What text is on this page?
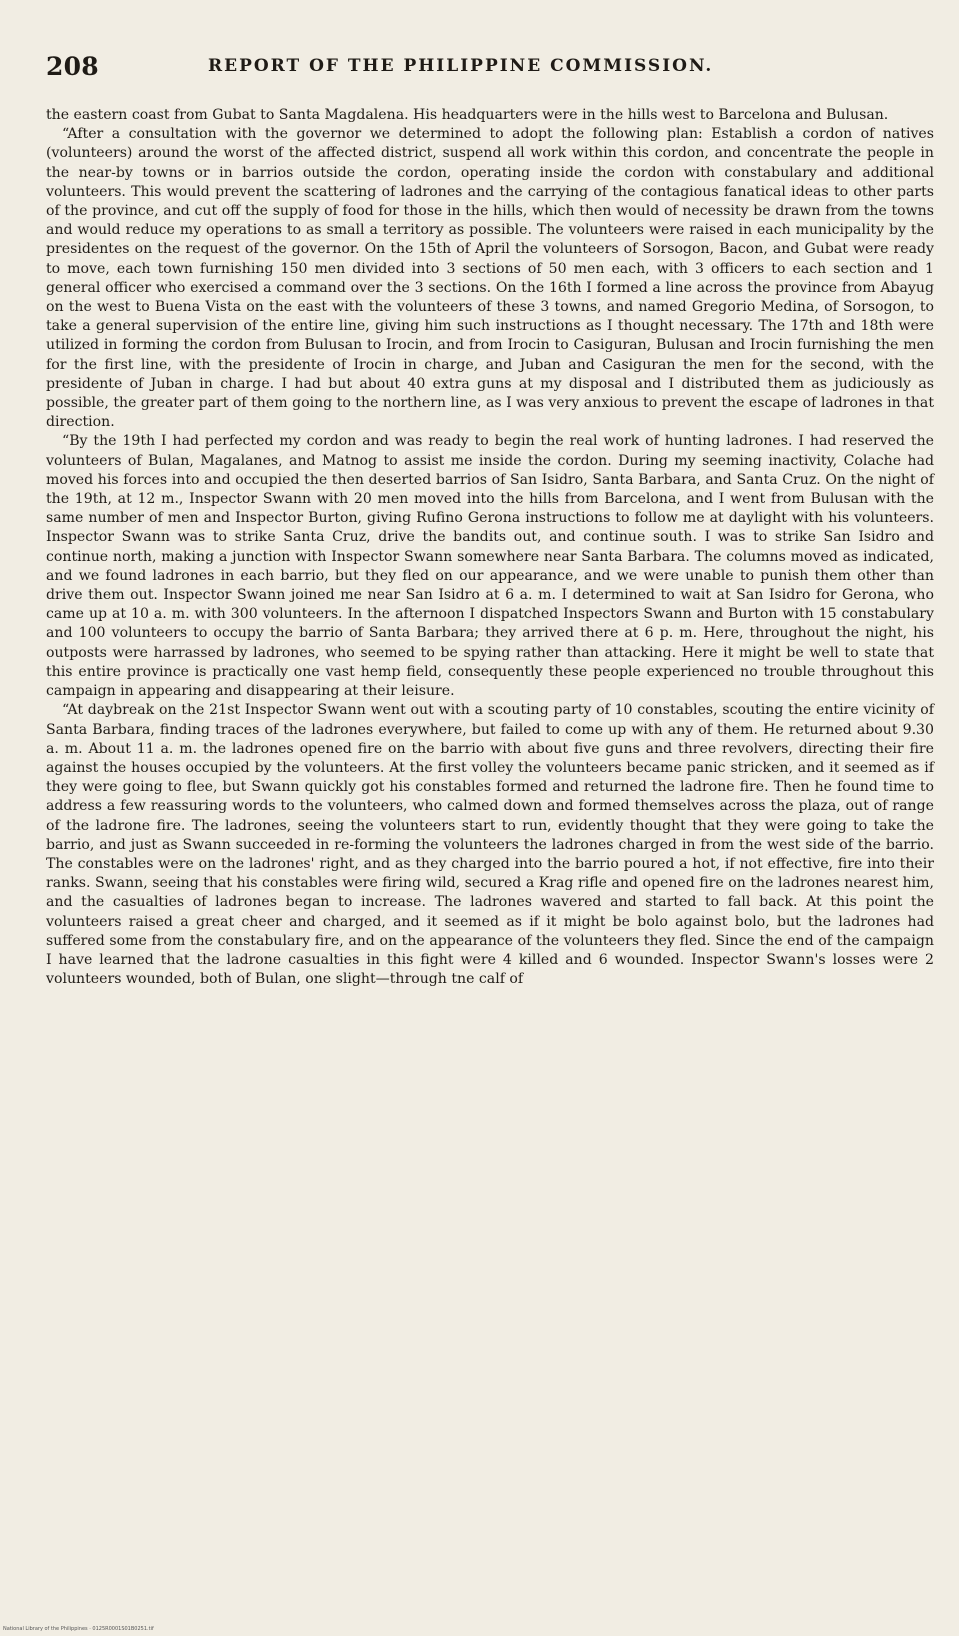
208	REPORT OF THE PHILIPPINE COMMISSION.

the eastern coast from Gubat to Santa Magdalena. His headquarters were in the hills west to Barcelona and Bulusan.

“After a consultation with the governor we determined to adopt the following plan: Establish a cordon of natives (volunteers) around the worst of the affected district, suspend all work within this cordon, and concentrate the people in the near-by towns or in barrios outside the cordon, operating inside the cordon with constabulary and additional volunteers. This would prevent the scattering of ladrones and the carrying of the contagious fanatical ideas to other parts of the province, and cut off the supply of food for those in the hills, which then would of necessity be drawn from the towns and would reduce my operations to as small a territory as possible. The volunteers were raised in each municipality by the presidentes on the request of the governor. On the 15th of April the volunteers of Sorsogon, Bacon, and Gubat were ready to move, each town furnishing 150 men divided into 3 sections of 50 men each, with 3 officers to each section and 1 general officer who exercised a command over the 3 sections. On the 16th I formed a line across the province from Abayug on the west to Buena Vista on the east with the volunteers of these 3 towns, and named Gregorio Medina, of Sorsogon, to take a general supervision of the entire line, giving him such instructions as I thought necessary. The 17th and 18th were utilized in forming the cordon from Bulusan to Irocin, and from Irocin to Casiguran, Bulusan and Irocin furnishing the men for the first line, with the presidente of Irocin in charge, and Juban and Casiguran the men for the second, with the presidente of Juban in charge. I had but about 40 extra guns at my disposal and I distributed them as judiciously as possible, the greater part of them going to the northern line, as I was very anxious to prevent the escape of ladrones in that direction.

“By the 19th I had perfected my cordon and was ready to begin the real work of hunting ladrones. I had reserved the volunteers of Bulan, Magalanes, and Matnog to assist me inside the cordon. During my seeming inactivity, Colache had moved his forces into and occupied the then deserted barrios of San Isidro, Santa Barbara, and Santa Cruz. On the night of the 19th, at 12 m., Inspector Swann with 20 men moved into the hills from Barcelona, and I went from Bulusan with the same number of men and Inspector Burton, giving Rufino Gerona instructions to follow me at daylight with his volunteers. Inspector Swann was to strike Santa Cruz, drive the bandits out, and continue south. I was to strike San Isidro and continue north, making a junction with Inspector Swann somewhere near Santa Barbara. The columns moved as indicated, and we found ladrones in each barrio, but they fled on our appearance, and we were unable to punish them other than drive them out. Inspector Swann joined me near San Isidro at 6 a. m. I determined to wait at San Isidro for Gerona, who came up at 10 a. m. with 300 volunteers. In the afternoon I dispatched Inspectors Swann and Burton with 15 constabulary and 100 volunteers to occupy the barrio of Santa Barbara; they arrived there at 6 p. m. Here, throughout the night, his outposts were harrassed by ladrones, who seemed to be spying rather than attacking. Here it might be well to state that this entire province is practically one vast hemp field, consequently these people experienced no trouble throughout this campaign in appearing and disappearing at their leisure.

“At daybreak on the 21st Inspector Swann went out with a scouting party of 10 constables, scouting the entire vicinity of Santa Barbara, finding traces of the ladrones everywhere, but failed to come up with any of them. He returned about 9.30 a. m. About 11 a. m. the ladrones opened fire on the barrio with about five guns and three revolvers, directing their fire against the houses occupied by the volunteers. At the first volley the volunteers became panic stricken, and it seemed as if they were going to flee, but Swann quickly got his constables formed and returned the ladrone fire. Then he found time to address a few reassuring words to the volunteers, who calmed down and formed themselves across the plaza, out of range of the ladrone fire. The ladrones, seeing the volunteers start to run, evidently thought that they were going to take the barrio, and just as Swann succeeded in re-forming the volunteers the ladrones charged in from the west side of the barrio. The constables were on the ladrones' right, and as they charged into the barrio poured a hot, if not effective, fire into their ranks. Swann, seeing that his constables were firing wild, secured a Krag rifle and opened fire on the ladrones nearest him, and the casualties of ladrones began to increase. The ladrones wavered and started to fall back. At this point the volunteers raised a great cheer and charged, and it seemed as if it might be bolo against bolo, but the ladrones had suffered some from the constabulary fire, and on the appearance of the volunteers they fled. Since the end of the campaign I have learned that the ladrone casualties in this fight were 4 killed and 6 wounded. Inspector Swann's losses were 2 volunteers wounded, both of Bulan, one slight—through tne calf of

National Library of the Philippines · 0125R0001S01B0251.tif
